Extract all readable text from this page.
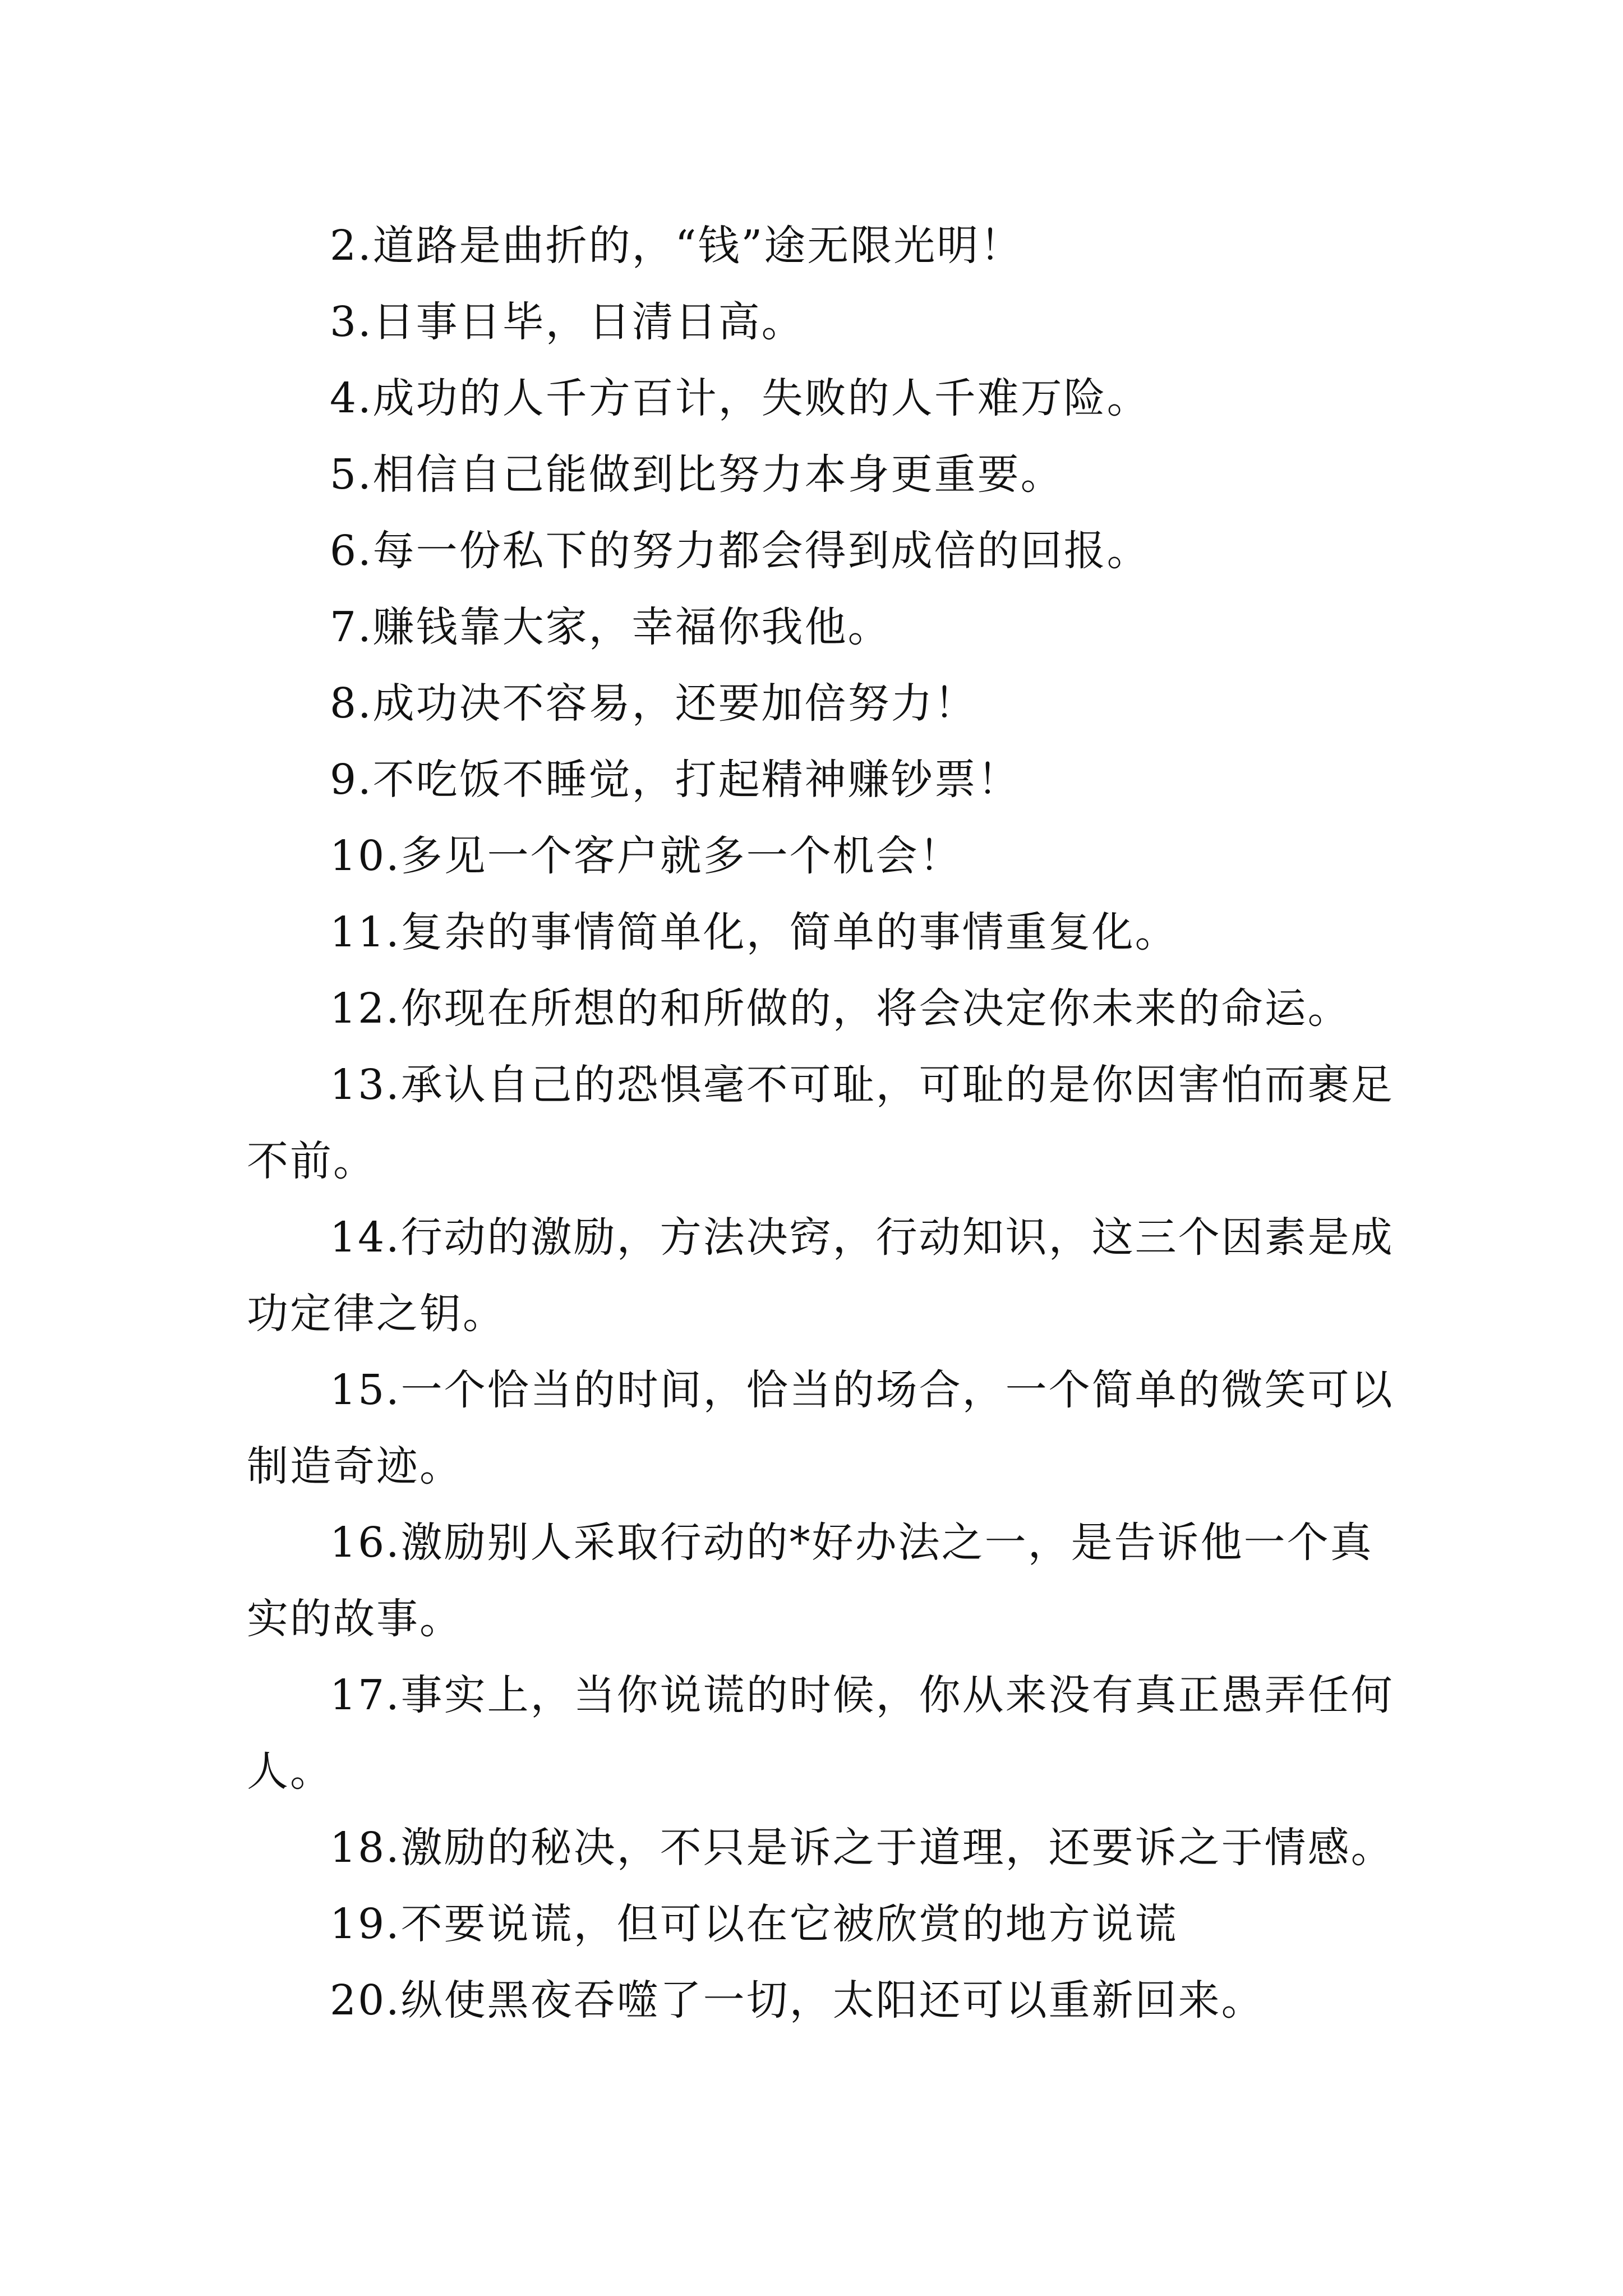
2.道路是曲折的，“钱”途无限光明！

3.日事日毕，日清日高。

4.成功的人千方百计，失败的人千难万险。

5.相信自己能做到比努力本身更重要。

6.每一份私下的努力都会得到成倍的回报。

7.赚钱靠大家，幸福你我他。

8.成功决不容易，还要加倍努力！

9.不吃饭不睡觉，打起精神赚钞票！

10.多见一个客户就多一个机会！

11.复杂的事情简单化，简单的事情重复化。

12.你现在所想的和所做的，将会决定你未来的命运。

13.承认自己的恐惧毫不可耻，可耻的是你因害怕而裹足不前。

14.行动的激励，方法决窍，行动知识，这三个因素是成功定律之钥。

15.一个恰当的时间，恰当的场合，一个简单的微笑可以制造奇迹。

16.激励别人采取行动的*好办法之一，是告诉他一个真实的故事。

17.事实上，当你说谎的时候，你从来没有真正愚弄任何人。

18.激励的秘决，不只是诉之于道理，还要诉之于情感。

19.不要说谎，但可以在它被欣赏的地方说谎

20.纵使黑夜吞噬了一切，太阳还可以重新回来。
